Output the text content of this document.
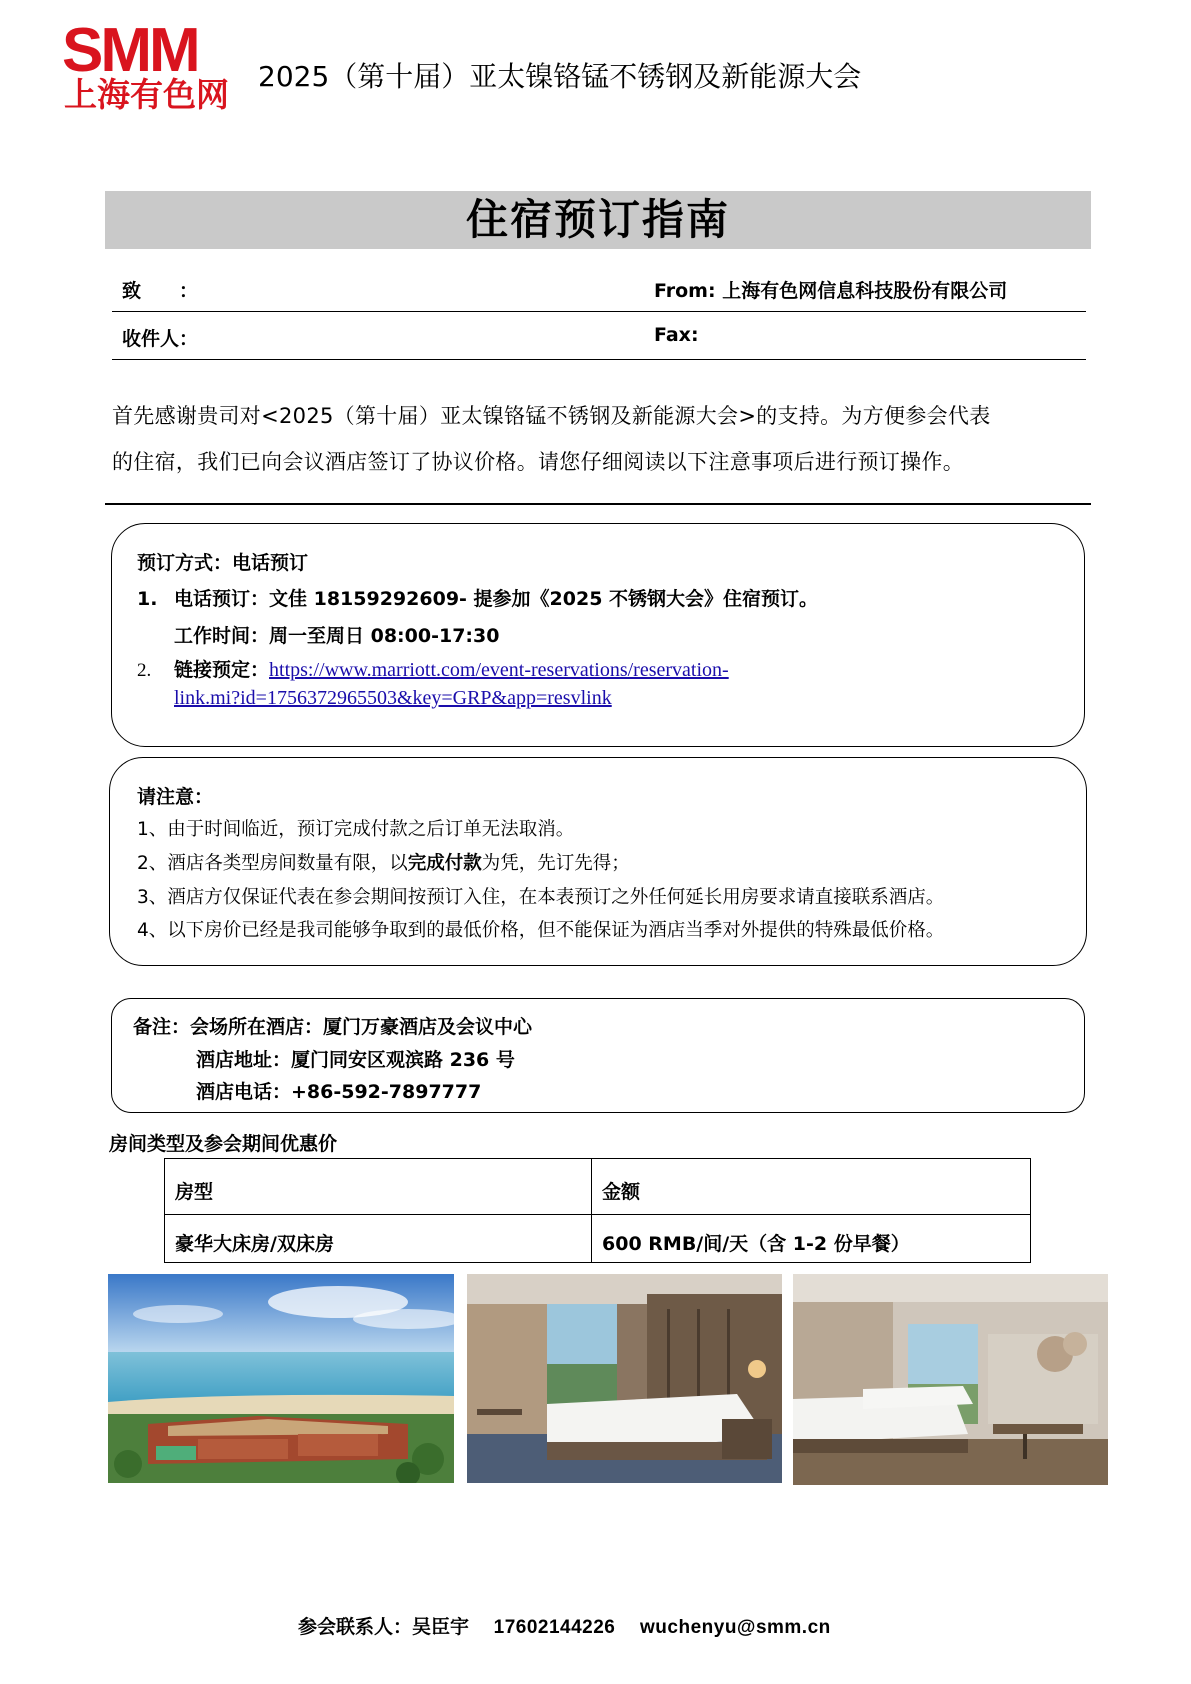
SMM
上海有色网 2025（第十届）亚太镍铬锰不锈钢及新能源大会
住宿预订指南
致　　：	From: 上海有色网信息科技股份有限公司
收件人：	Fax:

首先感谢贵司对<2025（第十届）亚太镍铬锰不锈钢及新能源大会>的支持。为方便参会代表

的住宿，我们已向会议酒店签订了协议价格。请您仔细阅读以下注意事项后进行预订操作。

预订方式：电话预订
1. 电话预订：文佳 18159292609- 提参加《2025 不锈钢大会》住宿预订。
工作时间：周一至周日 08:00-17:30
2. 链接预定：https://www.marriott.com/event-reservations/reservation-
link.mi?id=1756372965503&key=GRP&app=resvlink
请注意：
1、由于时间临近，预订完成付款之后订单无法取消。
2、酒店各类型房间数量有限，以完成付款为凭，先订先得；
3、酒店方仅保证代表在参会期间按预订入住，在本表预订之外任何延长用房要求请直接联系酒店。
4、以下房价已经是我司能够争取到的最低价格，但不能保证为酒店当季对外提供的特殊最低价格。
备注：会场所在酒店：厦门万豪酒店及会议中心
酒店地址：厦门同安区观滨路 236 号
酒店电话：+86-592-7897777
房间类型及参会期间优惠价
房型	金额
豪华大床房/双床房	600 RMB/间/天（含 1-2 份早餐）
参会联系人：吴臣宇 17602144226 wuchenyu@smm.cn
